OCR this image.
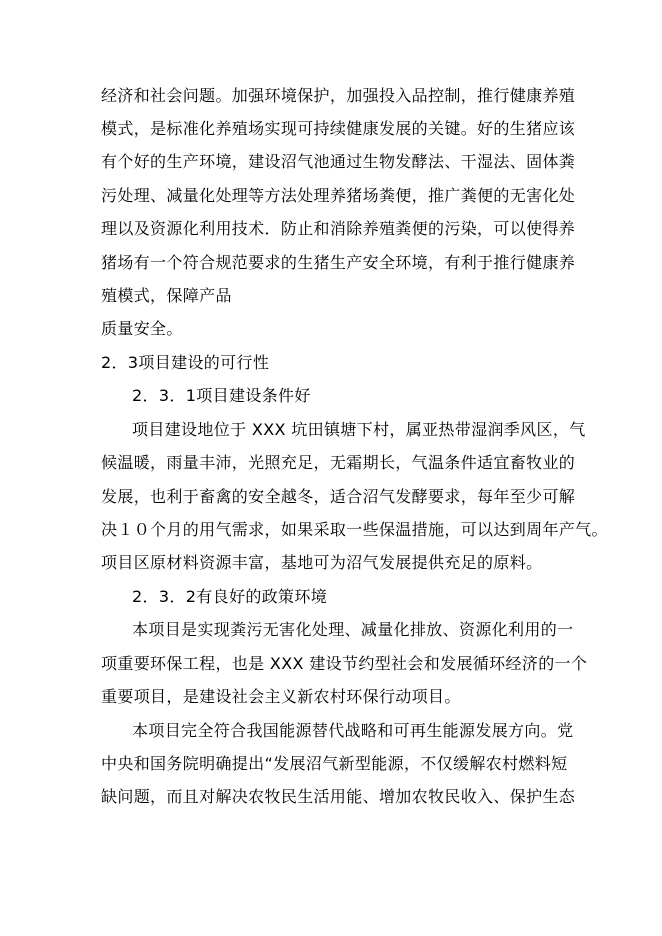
经济和社会问题。加强环境保护，加强投入品控制，推行健康养殖
模式，是标准化养殖场实现可持续健康发展的关键。好的生猪应该
有个好的生产环境，建设沼气池通过生物发酵法、干湿法、固体粪
污处理、减量化处理等方法处理养猪场粪便，推广粪便的无害化处
理以及资源化利用技术．防止和消除养殖粪便的污染，可以使得养
猪场有一个符合规范要求的生猪生产安全环境，有利于推行健康养
殖模式，保障产品
质量安全。
2．3项目建设的可行性
2．3．1项目建设条件好
项目建设地位于 XXX 坑田镇塘下村，属亚热带湿润季风区，气
候温暖，雨量丰沛，光照充足，无霜期长，气温条件适宜畜牧业的
发展，也利于畜禽的安全越冬，适合沼气发酵要求，每年至少可解
决１０个月的用气需求，如果采取一些保温措施，可以达到周年产气。
项目区原材料资源丰富，基地可为沼气发展提供充足的原料。
2．3．2有良好的政策环境
本项目是实现粪污无害化处理、减量化排放、资源化利用的一
项重要环保工程，也是 XXX 建设节约型社会和发展循环经济的一个
重要项目，是建设社会主义新农村环保行动项目。
本项目完全符合我国能源替代战略和可再生能源发展方向。党
中央和国务院明确提出“发展沼气新型能源，不仅缓解农村燃料短
缺问题，而且对解决农牧民生活用能、增加农牧民收入、保护生态
